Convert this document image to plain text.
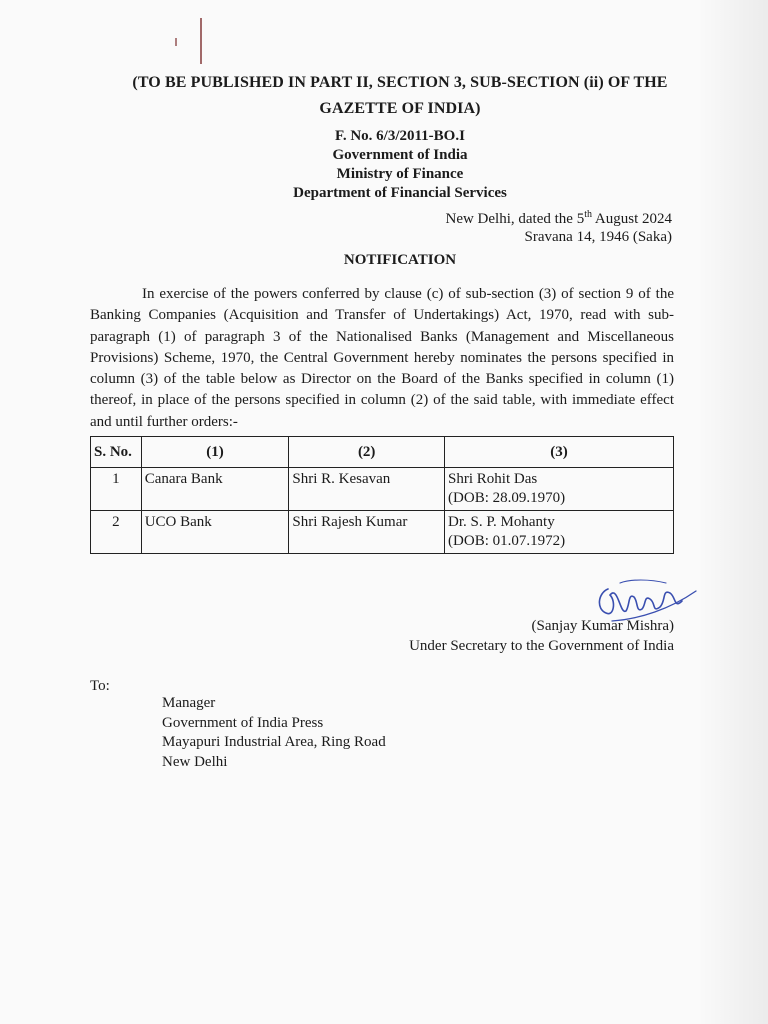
(TO BE PUBLISHED IN PART II, SECTION 3, SUB-SECTION (ii) OF THE
GAZETTE OF INDIA)
F. No. 6/3/2011-BO.I
Government of India
Ministry of Finance
Department of Financial Services
New Delhi, dated the 5th August 2024
Sravana 14, 1946 (Saka)
NOTIFICATION

In exercise of the powers conferred by clause (c) of sub-section (3) of section 9 of the Banking Companies (Acquisition and Transfer of Undertakings) Act, 1970, read with sub-paragraph (1) of paragraph 3 of the Nationalised Banks (Management and Miscellaneous Provisions) Scheme, 1970, the Central Government hereby nominates the persons specified in column (3) of the table below as Director on the Board of the Banks specified in column (1) thereof, in place of the persons specified in column (2) of the said table, with immediate effect and until further orders:-

S. No.	(1)	(2)	(3)
1	Canara Bank	Shri R. Kesavan	Shri Rohit Das
(DOB: 28.09.1970)

2	UCO Bank	Shri Rajesh Kumar	Dr. S. P. Mohanty
(DOB: 01.07.1972)
(Sanjay Kumar Mishra)
Under Secretary to the Government of India
To:
Manager
Government of India Press
Mayapuri Industrial Area, Ring Road
New Delhi
